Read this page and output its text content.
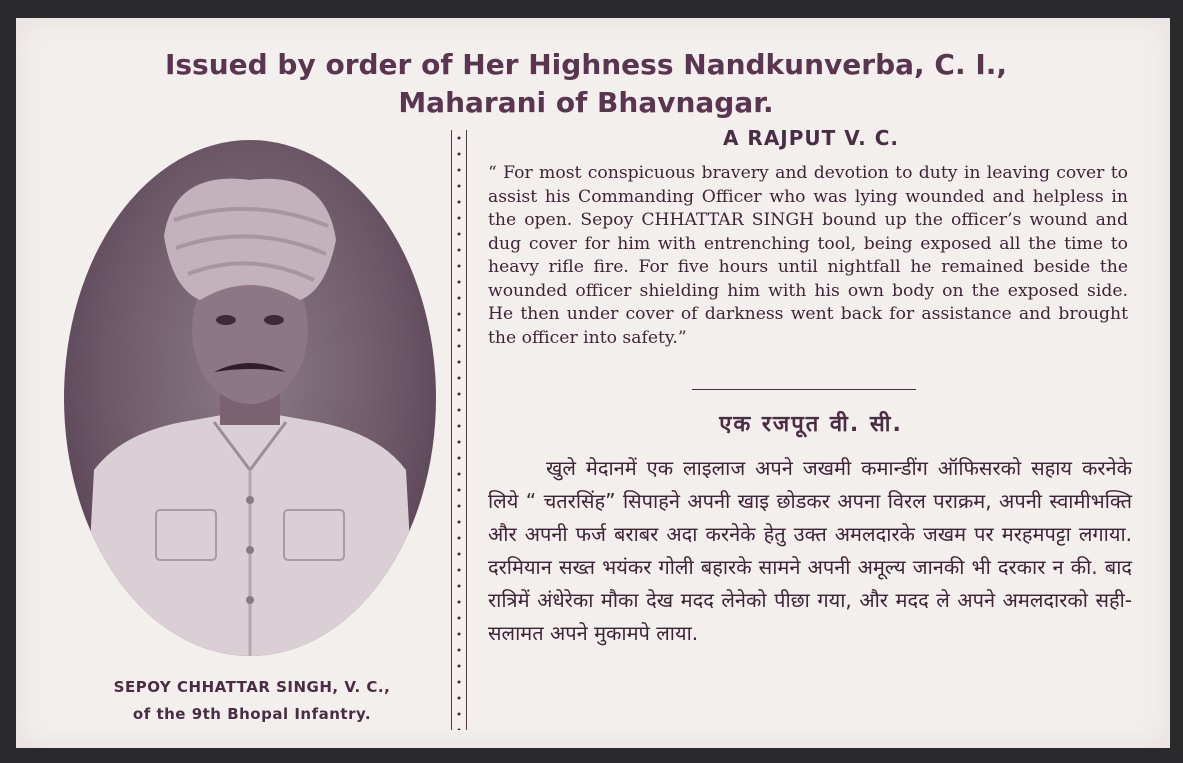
Issued by order of Her Highness Nandkunverba, C. I.,
Maharani of Bhavnagar.
SEPOY CHHATTAR SINGH, V. C.,
of the 9th Bhopal Infantry.
A RAJPUT V. C.
“ For most conspicuous bravery and devotion to duty in leaving cover to assist his Commanding Officer who was lying wounded and helpless in the open. Sepoy CHHATTAR SINGH bound up the officer’s wound and dug cover for him with entrenching tool, being exposed all the time to heavy rifle fire. For five hours until nightfall he remained beside the wounded officer shielding him with his own body on the exposed side. He then under cover of darkness went back for assistance and brought the officer into safety.”
एक रजपूत वी. सी.

खुले मेदानमें एक लाइलाज अपने जखमी कमान्डींग ऑफिसरको सहाय करनेके लिये “ चतरसिंह” सिपाहने अपनी खाइ छोडकर अपना विरल पराक्रम, अपनी स्वामीभक्ति और अपनी फर्ज बराबर अदा करनेके हेतु उक्त अमलदारके जखम पर मरहमपट्टा लगाया. दरमियान सख्त भयंकर गोली बहारके सामने अपनी अमूल्य जानकी भी दरकार न की. बाद रात्रिमें अंधेरेका मौका देख मदद लेनेको पीछा गया, और मदद ले अपने अमलदारको सही-सलामत अपने मुकामपे लाया.
